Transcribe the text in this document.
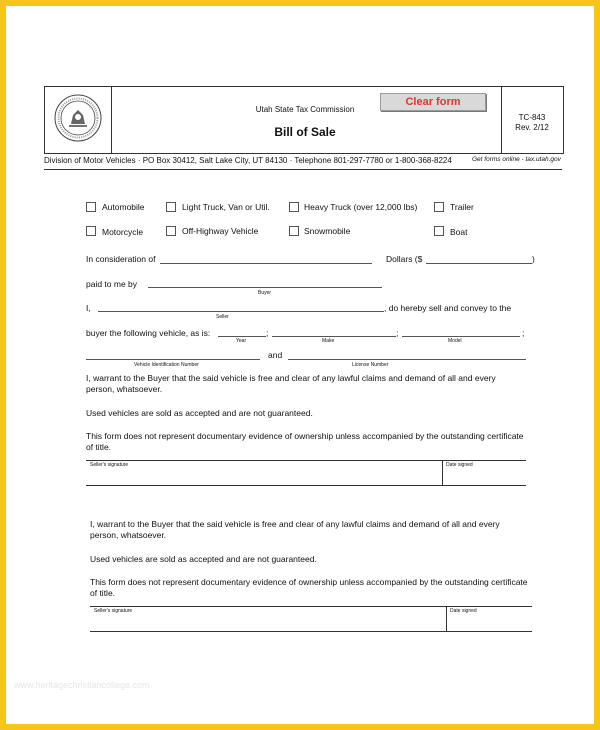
Utah State Tax Commission
Bill of Sale
TC-843
Rev. 2/12
Clear form
Division of Motor Vehicles · PO Box 30412, Salt Lake City, UT 84130 · Telephone 801-297-7780 or 1-800-368-8224	Get forms online - tax.utah.gov
Automobile	Light Truck, Van or Util.	Heavy Truck (over 12,000 lbs)	Trailer
Motorcycle	Off-Highway Vehicle	Snowmobile	Boat
In consideration of	Dollars ($	)
paid to me by
Buyer
I,
Seller
, do hereby sell and convey to the
buyer the following vehicle, as is:	;	;	;
Year	Make	Model
and
Vehicle Identification Number	License Number
I, warrant to the Buyer that the said vehicle is free and clear of any lawful claims and demand of all and every person, whatsoever.
Used vehicles are sold as accepted and are not guaranteed.
This form does not represent documentary evidence of ownership unless accompanied by the outstanding certificate of title.
Seller's signature	Date signed
I, warrant to the Buyer that the said vehicle is free and clear of any lawful claims and demand of all and every person, whatsoever.
Used vehicles are sold as accepted and are not guaranteed.
This form does not represent documentary evidence of ownership unless accompanied by the outstanding certificate of title.
Seller's signature	Date signed
www.heritagechristiancollege.com
